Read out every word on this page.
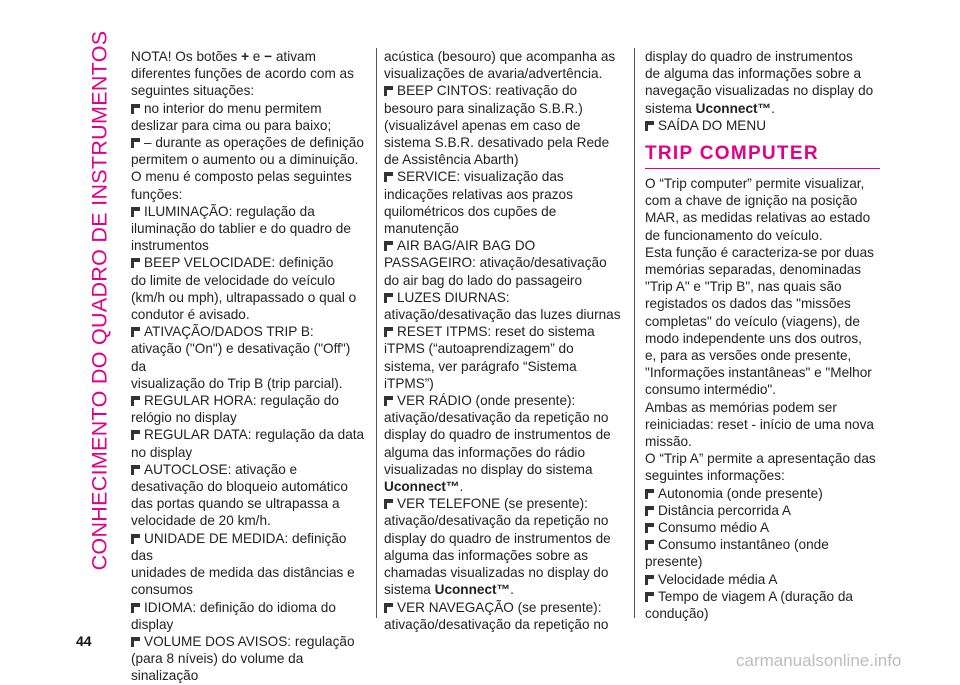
CONHECIMENTO DO QUADRO DE INSTRUMENTOS NOTA! Os botões + e − ativam
diferentes funções de acordo com as
seguintes situações:
no interior do menu permitem
deslizar para cima ou para baixo;
– durante as operações de definição
permitem o aumento ou a diminuição.
O menu é composto pelas seguintes
funções:
ILUMINAÇÃO: regulação da
iluminação do tablier e do quadro de
instrumentos
BEEP VELOCIDADE: definição
do limite de velocidade do veículo
(km/h ou mph), ultrapassado o qual o
condutor é avisado.
ATIVAÇÃO/DADOS TRIP B:
ativação ("On") e desativação ("Off") da
visualização do Trip B (trip parcial).
REGULAR HORA: regulação do
relógio no display
REGULAR DATA: regulação da data
no display
AUTOCLOSE: ativação e
desativação do bloqueio automático
das portas quando se ultrapassa a
velocidade de 20 km/h.
UNIDADE DE MEDIDA: definição das
unidades de medida das distâncias e
consumos
IDIOMA: definição do idioma do
display
VOLUME DOS AVISOS: regulação
(para 8 níveis) do volume da sinalização
acústica (besouro) que acompanha as
visualizações de avaria/advertência.
BEEP CINTOS: reativação do
besouro para sinalização S.B.R.)
(visualizável apenas em caso de
sistema S.B.R. desativado pela Rede
de Assistência Abarth)
SERVICE: visualização das
indicações relativas aos prazos
quilométricos dos cupões de
manutenção
AIR BAG/AIR BAG DO
PASSAGEIRO: ativação/desativação
do air bag do lado do passageiro
LUZES DIURNAS:
ativação/desativação das luzes diurnas
RESET ITPMS: reset do sistema
iTPMS (“autoaprendizagem” do
sistema, ver parágrafo “Sistema
iTPMS”)
VER RÁDIO (onde presente):
ativação/desativação da repetição no
display do quadro de instrumentos de
alguma das informações do rádio
visualizadas no display do sistema
Uconnect™.
VER TELEFONE (se presente):
ativação/desativação da repetição no
display do quadro de instrumentos de
alguma das informações sobre as
chamadas visualizadas no display do
sistema Uconnect™.
VER NAVEGAÇÃO (se presente):
ativação/desativação da repetição no
display do quadro de instrumentos
de alguma das informações sobre a
navegação visualizadas no display do
sistema Uconnect™.
SAÍDA DO MENU
TRIP COMPUTER
O “Trip computer” permite visualizar,
com a chave de ignição na posição
MAR, as medidas relativas ao estado
de funcionamento do veículo.
Esta função é caracteriza-se por duas
memórias separadas, denominadas
"Trip A" e "Trip B", nas quais são
registados os dados das "missões
completas" do veículo (viagens), de
modo independente uns dos outros,
e, para as versões onde presente,
"Informações instantâneas" e "Melhor
consumo intermédio".
Ambas as memórias podem ser
reiniciadas: reset - início de uma nova
missão.
O “Trip A” permite a apresentação das
seguintes informações:
Autonomia (onde presente)
Distância percorrida A
Consumo médio A
Consumo instantâneo (onde
presente)
Velocidade média A
Tempo de viagem A (duração da
condução)
44
carmanualsonline.info
